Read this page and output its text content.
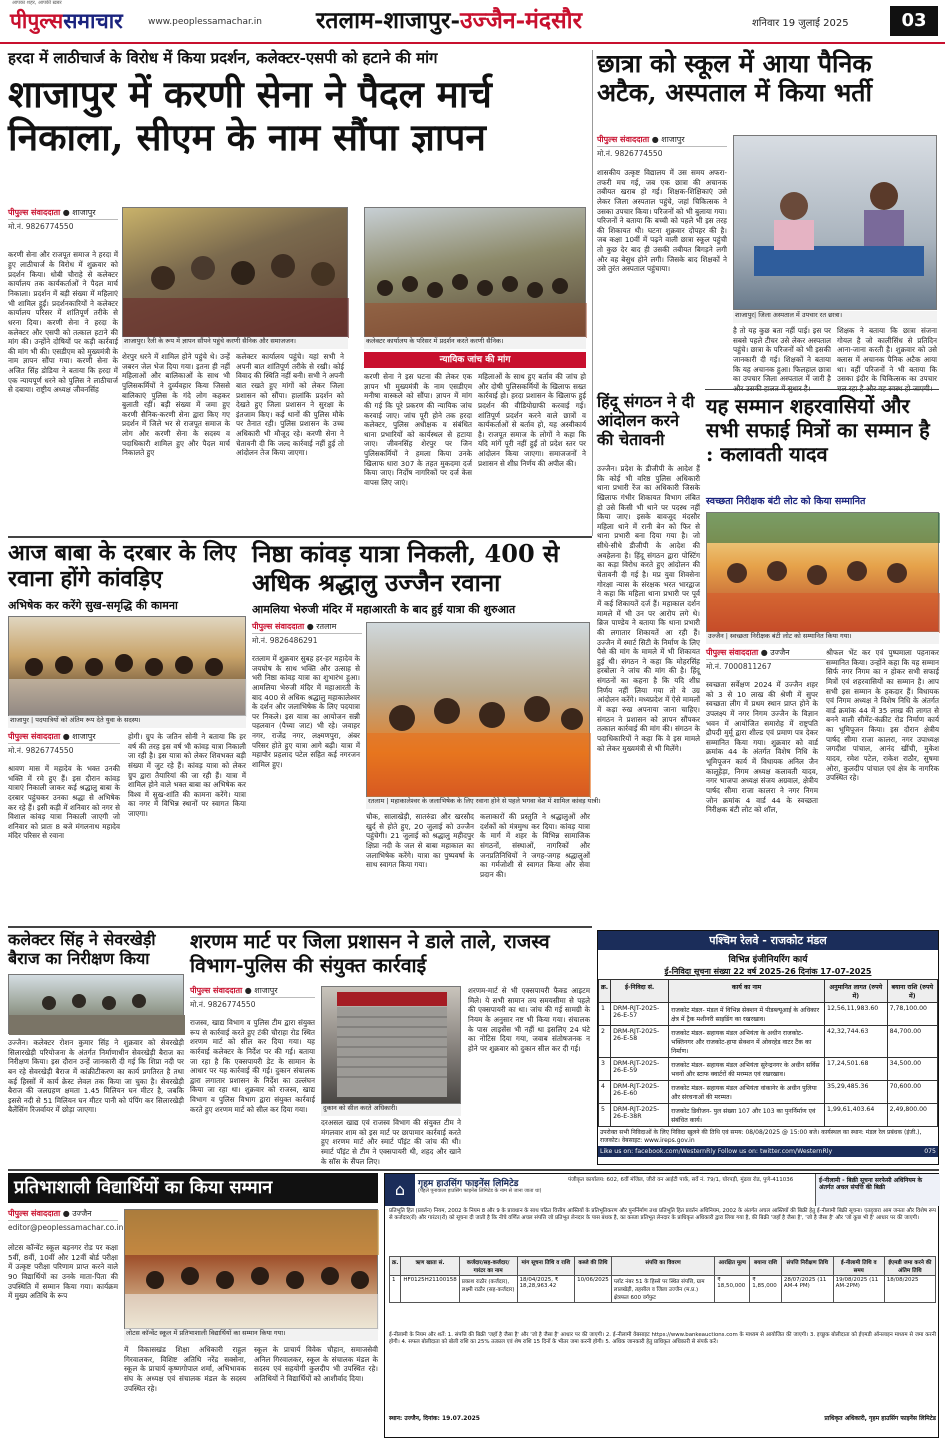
पीपुल्ससमाचार
आपका शहर, आपकी ख़बर
www.peoplessamachar.in रतलाम-शाजापुर-उज्जैन-मंदसौर	शनिवार 19 जुलाई 2025	03
हरदा में लाठीचार्ज के विरोध में किया प्रदर्शन, कलेक्टर-एसपी को हटाने की मांग
शाजापुर में करणी सेना ने पैदल मार्च निकाला, सीएम के नाम सौंपा ज्ञापन
पीपुल्स संवाददाता ● शाजापुर
मो.नं. 9826774550
करणी सेना और राजपूत समाज ने हरदा में हुए लाठीचार्ज के विरोध में शुक्रवार को प्रदर्शन किया। धोबी चौराहे से कलेक्टर कार्यालय तक कार्यकर्ताओं ने पैदल मार्च निकाला। प्रदर्शन में बड़ी संख्या में महिलाएं भी शामिल हुईं। प्रदर्शनकारियों ने कलेक्टर कार्यालय परिसर में शांतिपूर्ण तरीके से धरना दिया। करणी सेना ने हरदा के कलेक्टर और एसपी को तत्काल हटाने की मांग की। उन्होंने दोषियों पर कड़ी कार्रवाई की मांग भी की। एसडीएम को मुख्यमंत्री के नाम ज्ञापन सौंपा गया। करणी सेना के अजित सिंह डोडिया ने बताया कि हरदा में एक न्यायपूर्ण धरने को पुलिस ने लाठीचार्ज से दबाया। राष्ट्रीय अध्यक्ष जीवनसिंह
शाजापुर। रैली के रूप में ज्ञापन सौंपने पहुंचे करणी सैनिक और समाजजन।	कलेक्टर कार्यालय के परिसर में प्रदर्शन करते करणी सैनिक।
शेरपुर धरने में शामिल होने पहुंचे थे। उन्हें जबरन जेल भेज दिया गया। इतना ही नहीं महिलाओं और बालिकाओं के साथ भी पुलिसकर्मियों ने दुर्व्यवहार किया जिससे बालिकाएं पुलिस के गंदे लोग कहकर बुलाती रहीं। बड़ी संख्या में जमा हुए करणी सैनिक-करणी सेना द्वारा किए गए प्रदर्शन में जिले भर से राजपूत समाज के लोग और करणी सेना के सदस्य व पदाधिकारी शामिल हुए और पैदल मार्च निकालते हुए
कलेक्टर कार्यालय पहुंचे। यहां सभी ने अपनी बात शांतिपूर्ण तरीके से रखी। कोई विवाद की स्थिति नहीं बनी। सभी ने अपनी बात रखते हुए मांगों को लेकर जिला प्रशासन को सौंपा। हालांकि प्रदर्शन को देखते हुए जिला प्रशासन ने सुरक्षा के इंतजाम किए। कई थानों की पुलिस मौके पर तैनात रही। पुलिस प्रशासन के उच्च अधिकारी भी मौजूद रहे। करणी सेना ने चेतावनी दी कि जल्द कार्रवाई नहीं हुई तो आंदोलन तेज किया जाएगा।
न्यायिक जांच की मांग
करणी सेना ने इस घटना की लेकर एक ज्ञापन भी मुख्यमंत्री के नाम एसडीएम मनीषा वास्कले को सौंपा। ज्ञापन में मांग की गई कि पूरे प्रकरण की न्यायिक जांच करवाई जाए। जांच पूरी होने तक हरदा कलेक्टर, पुलिस अधीक्षक व संबंधित थाना प्रभारियों को कार्यस्थल से हटाया जाए। जीवनसिंह शेरपुर पर जिन पुलिसकर्मियों ने हमला किया उनके खिलाफ धारा 307 के तहत मुकदमा दर्ज किया जाए। निर्दोष नागरिकों पर दर्ज केस वापस लिए जाएं।
महिलाओं के साथ हुए बर्ताव की जांच हो और दोषी पुलिसकर्मियों के खिलाफ सख्त कार्रवाई हो। हरदा प्रशासन के खिलाफ हुई प्रदर्शन की वीडियोग्राफी करवाई गई। शांतिपूर्ण प्रदर्शन करने वाले छात्रों व कार्यकर्ताओं से बर्ताव हो, यह अस्वीकार्य है। राजपूत समाज के लोगों ने कहा कि यदि मांगें पूरी नहीं हुईं तो प्रदेश स्तर पर आंदोलन किया जाएगा। समाजजनों ने प्रशासन से शीघ्र निर्णय की अपील की।
छात्रा को स्कूल में आया पैनिक अटैक, अस्पताल में किया भर्ती
पीपुल्स संवाददाता ● शाजापुर
मो.नं. 9826774550
शासकीय उत्कृष्ट विद्यालय में उस समय अफरा-तफरी मच गई, जब एक छात्रा की अचानक तबीयत खराब हो गई। शिक्षक-शिक्षिकाएं उसे लेकर जिला अस्पताल पहुंचे, जहां चिकित्सक ने उसका उपचार किया। परिजनों को भी बुलाया गया। परिजनों ने बताया कि बच्ची को पहले भी इस तरह की शिकायत थी। घटना शुक्रवार दोपहर की है। जब कक्षा 10वीं में पढ़ने वाली छात्रा स्कूल पहुंची तो कुछ देर बाद ही उसकी तबीयत बिगड़ने लगी और वह बेसुध होने लगी। जिसके बाद शिक्षकों ने उसे तुरंत अस्पताल पहुंचाया।
शाजापुर| जिला अस्पताल में उपचार रत छात्रा।
है तो यह कुछ बता नहीं पाई। इस पर सबसे पहले टीचर उसे लेकर अस्पताल पहुंचे। छात्रा के परिजनों को भी इसकी जानकारी दी गई। शिक्षकों ने बताया कि यह अचानक हुआ। फिलहाल छात्रा का उपचार जिला अस्पताल में जारी है
शिक्षक ने बताया कि छात्रा संजना गोयल है जो कालीसिंध से प्रतिदिन आना-जाना करती है। शुक्रवार को उसे क्लास में अचानक पैनिक अटैक आया था। वहीं परिजनों ने भी बताया कि उसका इंदौर के चिकित्सक का उपचार
हिंदू संगठन ने दी आंदोलन करने की चेतावनी
उज्जैन। प्रदेश के डीजीपी के आदेश हैं कि कोई भी वरिष्ठ पुलिस अधिकारी थाना प्रभारी रेंज का अधिकारी जिसके खिलाफ गंभीर शिकायत विभाग लंबित हो उसे किसी भी थाने पर पदस्थ नहीं किया जाए। इसके बावजूद मंदसौर महिला थाने में रानी बेन को फिर से थाना प्रभारी बना दिया गया है। जो सीधे-सीधे डीजीपी के आदेश की अवहेलना है। हिंदू संगठन द्वारा पोस्टिंग का कड़ा विरोध करते हुए आंदोलन की चेतावनी दी गई है। मप्र युवा शिवसेना गोरक्षा न्यास के संरक्षक भरत भारद्वाज ने कहा कि महिला थाना प्रभारी पर पूर्व में कई शिकायतें दर्ज हैं। महाकाल दर्शन मामले में भी उन पर आरोप लगे थे। ब्रिज पाण्डेय ने बताया कि थाना प्रभारी की लगातार शिकायतें आ रही हैं। उज्जैन में स्मार्ट सिटी के निर्माण के लिए पैसे की मांग के मामले में भी शिकायत हुई थी। संगठन ने कहा कि मोहरसिंह हरबोला ने जांच की मांग की है। हिंदू संगठनों का कहना है कि यदि शीघ्र निर्णय नहीं लिया गया तो वे उग्र आंदोलन करेंगे। मध्यप्रदेश में ऐसे मामलों में कड़ा रुख अपनाया जाना चाहिए। संगठन ने प्रशासन को ज्ञापन सौंपकर तत्काल कार्रवाई की मांग की। संगठन के पदाधिकारियों ने कहा कि वे इस मामले को लेकर मुख्यमंत्री से भी मिलेंगे।
यह सम्मान शहरवासियों और सभी सफाई मित्रों का सम्मान है : कलावती यादव
स्वच्छता निरीक्षक बंटी लोट को किया सम्मानित
उज्जैन | स्वच्छता निरीक्षक बंटी लोट को सम्मानित किया गया।
पीपुल्स संवाददाता ● उज्जैन
मो.नं. 7000811267
स्वच्छता सर्वेक्षण 2024 में उज्जैन शहर को 3 से 10 लाख की श्रेणी में सुपर स्वच्छता लीग में प्रथम स्थान प्राप्त होने के उपलक्ष्य में नगर निगम उज्जैन के विज्ञान भवन में आयोजित समारोह में राष्ट्रपति द्रौपदी मुर्मू द्वारा शील्ड एवं प्रमाण पत्र देकर सम्मानित किया गया। शुक्रवार को वार्ड क्रमांक 44 के अंतर्गत विशेष निधि के भूमिपूजन कार्य में विधायक अनिल जैन कालूहेड़ा, निगम अध्यक्ष कलावती यादव, नगर भाजपा अध्यक्ष संजय अग्रवाल, क्षेत्रीय पार्षद सीमा राजा कालरा ने नगर निगम जोन क्रमांक 4 वार्ड 44 के स्वच्छता निरीक्षक बंटी लोट को शॉल,
श्रीफल भेंट कर एवं पुष्पमाला पहनाकर सम्मानित किया। उन्होंने कहा कि यह सम्मान सिर्फ नगर निगम का न होकर सभी सफाई मित्रों एवं शहरवासियों का सम्मान है। आप सभी इस सम्मान के हकदार हैं। विधायक एवं निगम अध्यक्ष ने विशेष निधि के अंतर्गत वार्ड क्रमांक 44 में 35 लाख की लागत से बनने वाली सीमेंट-कंक्रीट रोड निर्माण कार्य का भूमिपूजन किया। इस दौरान क्षेत्रीय पार्षद सीमा राजा कालरा, नगर उपाध्यक्ष जगदीश पांचाल, आनंद खींची, मुकेश यादव, रमेश पटेल, राकेश राठौर, सुषमा ओरा, कुलदीप पांचाल एवं क्षेत्र के नागरिक उपस्थित रहे।
आज बाबा के दरबार के लिए रवाना होंगे कांवड़िए
अभिषेक कर करेंगे सुख-समृद्धि की कामना
शाजापुर | पदयात्रियों को अंतिम रूप देते युवा के सदस्य।
पीपुल्स संवाददाता ● शाजापुर
मो.नं. 9826774550
श्रावण मास में महादेव के भक्त उनकी भक्ति में रमे हुए हैं। इस दौरान कांवड़ यात्राएं निकाली जाकर कई श्रद्धालु बाबा के दरबार पहुंचकर उनका श्रद्धा से अभिषेक कर रहे हैं। इसी कड़ी में शनिवार को नगर से विशाल कांवड़ यात्रा निकाली जाएगी जो शनिवार को प्रातः 8 बजे मंगलनाथ महादेव मंदिर परिसर से रवाना
होगी। ग्रुप के जतिन सोनी ने बताया कि हर वर्ष की तरह इस वर्ष भी कांवड़ यात्रा निकाली जा रही है। इस यात्रा को लेकर शिवभक्त बड़ी संख्या में जुट रहे हैं। कांवड़ यात्रा को लेकर ग्रुप द्वारा तैयारियां की जा रही हैं। यात्रा में शामिल होने वाले भक्त बाबा का अभिषेक कर विश्व में सुख-शांति की कामना करेंगे। यात्रा का नगर में विभिन्न स्थानों पर स्वागत किया जाएगा।
निष्ठा कांवड़ यात्रा निकली, 400 से अधिक श्रद्धालु उज्जैन रवाना
आमलिया भेरुजी मंदिर में महाआरती के बाद हुई यात्रा की शुरुआत
पीपुल्स संवाददाता ● रतलाम
मो.नं. 9826486291
रतलाम में शुक्रवार सुबह हर-हर महादेव के जयघोष के साथ भक्ति और उत्साह से भरी निष्ठा कांवड़ यात्रा का शुभारंभ हुआ। आमलिया भेरुजी मंदिर में महाआरती के बाद 400 से अधिक श्रद्धालु महाकालेश्वर के दर्शन और जलाभिषेक के लिए पदयात्रा पर निकले। इस यात्रा का आयोजन सन्नी पहलवान (पैच्या जाट) भी रहे। जवाहर नगर, राजेंद्र नगर, लक्ष्मणपुरा, अंबर परिसर होते हुए यात्रा आगे बढ़ी। यात्रा में महापौर प्रहलाद पटेल सहित कई नगरजन शामिल हुए।
रतलाम | महाकालेश्वर के जलाभिषेक के लिए रवाना होने से पहले भगवा वेश में शामिल कांवड़ यात्री।
चौक, सालाखेड़ी, सातरुंडा और खरसौद खुर्द से होते हुए, 20 जुलाई को उज्जैन पहुंचेगी। 21 जुलाई को श्रद्धालु महीदपुर क्षिप्रा नदी के जल से बाबा महाकाल का जलाभिषेक करेंगे। यात्रा का पुष्पवर्षा के साथ स्वागत किया गया।
कलाकारों की प्रस्तुति ने श्रद्धालुओं और दर्शकों को मंत्रमुग्ध कर दिया। कांवड़ यात्रा के मार्ग में शहर के विभिन्न सामाजिक संगठनों, संस्थाओं, नागरिकों और जनप्रतिनिधियों ने जगह-जगह श्रद्धालुओं का गर्मजोशी से स्वागत किया और सेवा प्रदान की।
कलेक्टर सिंह ने सेवरखेड़ी बैराज का निरीक्षण किया
उज्जैन। कलेक्टर रोशन कुमार सिंह ने शुक्रवार को सेवरखेड़ी सिलारखेड़ी परियोजना के अंतर्गत निर्माणाधीन सेवरखेड़ी बैराज का निरीक्षण किया। इस दौरान उन्हें जानकारी दी गई कि शिप्रा नदी पर बन रहे सेवरखेड़ी बैराज में कांक्रीटीकरण का कार्य प्रगतिरत है तथा कई हिस्सों में कार्य क्रेस्ट लेवल तक किया जा चुका है। सेवरखेड़ी बैराज की जलग्रहण क्षमता 1.45 मिलियन घन मीटर है, जबकि इससे नदी से 51 मिलियन घन मीटर पानी को पंपिंग कर सिलारखेड़ी बैलेंसिंग रिजर्वायर में छोड़ा जाएगा।
शरणम मार्ट पर जिला प्रशासन ने डाले ताले, राजस्व विभाग-पुलिस की संयुक्त कार्रवाई
पीपुल्स संवाददाता ● शाजापुर
मो.नं. 9826774550
राजस्व, खाद्य विभाग व पुलिस टीम द्वारा संयुक्त रूप से कार्रवाई करते हुए टंकी चौराहा रोड स्थित शरणम मार्ट को सील कर दिया गया। यह कार्रवाई कलेक्टर के निर्देश पर की गई। बताया जा रहा है कि एक्सपायरी डेट के सामान के आधार पर यह कार्रवाई की गई। दुकान संचालक द्वारा लगातार प्रशासन के निर्देश का उल्लंघन किया जा रहा था। शुक्रवार को राजस्व, खाद्य विभाग व पुलिस विभाग द्वारा संयुक्त कार्रवाई करते हुए शरणम मार्ट को सील कर दिया गया।	दुकान को सील करते अधिकारी।
दरअसल खाद्य एवं राजस्व विभाग की संयुक्त टीम ने मंगलवार शाम को इस मार्ट पर छापामार कार्रवाई करते हुए शरणम मार्ट और स्मार्ट पॉइंट की जांच की थी। स्मार्ट पॉइंट से टीम ने एक्सपायरी थी, शहद और खाने के सॉस के सैंपल लिए।
शरणम-मार्ट से भी एक्सपायरी फैक्ड आइटम मिले। ये सभी सामान तय समयसीमा से पहले की एक्सपायरी का था। जांच की गई सामग्री के नियम के अनुसार नष्ट भी किया गया। संचालक के पास लाइसेंस भी नहीं था इसलिए 24 घंटे का नोटिस दिया गया, जवाब संतोषजनक न होने पर शुक्रवार को दुकान सील कर दी गई।
पश्चिम रेलवे - राजकोट मंडल
विभिन्न इंजीनियरिंग कार्य
ई-निविदा सूचना संख्या 22 वर्ष 2025-26 दिनांक 17-07-2025
क्र.	ई-निविदा सं.	कार्य का नाम	अनुमानित लागत (रुपये में)	बयाना राशि (रुपये में)
1	DRM-RJT-2025-26-E-57	राजकोट मंडल- मंडल में विभिन्न सेक्शन में पीडब्ल्यूआई के अधिकार क्षेत्र में ट्रैक मशीनरी साइडिंग का रखरखाव।	12,56,11,983.60	7,78,100.00
2	DRM-RJT-2025-26-E-58	राजकोट मंडल- सहायक मंडल अभियंता के अधीन राजकोट-भक्तिनगर और राजकोट-हापा सेक्शन में ओवरहेड वाटर टैंक का निर्माण।	42,32,744.63	84,700.00
3	DRM-RJT-2025-26-E-59	राजकोट मंडल- सहायक मंडल अभियंता सुरेन्द्रनगर के अधीन सर्विस भवनों और स्टाफ क्वार्टरों की मरम्मत एवं रखरखाव।	17,24,501.68	34,500.00
4	DRM-RJT-2025-26-E-60	राजकोट मंडल- सहायक मंडल अभियंता वांकानेर के अधीन पुलिया और संरचनाओं की मरम्मत।	35,29,485.36	70,600.00
5	DRM-RJT-2025-26-E-38R	राजकोट डिवीजन- पुल संख्या 107 और 103 का पुनर्निर्माण एवं संबंधित कार्य।	1,99,61,403.64	2,49,800.00
उपरोक्त सभी निविदाओं के लिए निविदा खुलने की तिथि एवं समय: 08/08/2025 @ 15:00 बजे। कार्यस्थल का स्थान: मंडल रेल प्रबंधक (इंजी.), राजकोट। वेबसाइट: www.ireps.gov.in
Like us on: facebook.com/WesternRly Follow us on: twitter.com/WesternRly	075
प्रतिभाशाली विद्यार्थियों का किया सम्मान
पीपुल्स संवाददाता ● उज्जैन
editor@peoplessamachar.co.in
लोटस कॉन्वेंट स्कूल बड़नगर रोड पर कक्षा 5वीं, 8वीं, 10वीं और 12वीं बोर्ड परीक्षा में उत्कृष्ट परीक्षा परिणाम प्राप्त करने वाले 90 विद्यार्थियों का उनके माता-पिता की उपस्थिति में सम्मान किया गया। कार्यक्रम में मुख्य अतिथि के रूप
लोटस कॉन्वेंट स्कूल में प्रतिभाशाली विद्यार्थियों का सम्मान किया गया।
में विकासखंड शिक्षा अधिकारी राहुल गिरवालकर, विशिष्ट अतिथि नरेंद्र सक्सेना, स्कूल के प्राचार्य कृष्णगोपाल शर्मा, अभिभावक संघ के अध्यक्ष एवं संचालक मंडल के सदस्य उपस्थित रहे।
स्कूल के प्राचार्य विवेक चौहान, समाजसेवी अनिल गिरवालकर, स्कूल के संचालक मंडल के सदस्य एवं सहयोगी कुलदीप भी उपस्थित रहे। अतिथियों ने विद्यार्थियों को आशीर्वाद दिया।
⌂	गृहम हाउसिंग फाइनेंस लिमिटेड
(पहले पूनावाला हाउसिंग फाइनेंस लिमिटेड के नाम से जाना जाता था)
पंजीकृत कार्यालय: 602, 6वीं मंजिल, जीरो वन आईटी पार्क, सर्वे नं. 79/1, घोरपड़ी, मुंढवा रोड, पुणे-411036	ई-नीलामी - बिक्री सूचना सरफेसी अधिनियम के अंतर्गत अचल संपत्ति की बिक्री
प्रतिभूति हित (प्रवर्तन) नियम, 2002 के नियम 8 और 9 के प्रावधान के साथ पठित वित्तीय आस्तियों के प्रतिभूतिकरण और पुनर्निर्माण तथा प्रतिभूति हित प्रवर्तन अधिनियम, 2002 के अंतर्गत अचल आस्तियों की बिक्री हेतु ई-नीलामी बिक्री सूचना। एतद्द्वारा आम जनता और विशेष रूप से कर्जदार(रों) और गारंटर(रों) को सूचना दी जाती है कि नीचे वर्णित अचल संपत्ति जो प्रतिभूत लेनदार के पास बंधक है, का कब्जा प्रतिभूत लेनदार के प्राधिकृत अधिकारी द्वारा लिया गया है, की बिक्री 'जहाँ है जैसा है', 'जो है जैसा है' और 'जो कुछ भी है' आधार पर की जाएगी।
क्र.	ऋण खाता सं.	कर्जदार/सह-कर्जदार/गारंटर का नाम	मांग सूचना तिथि व राशि	कब्जे की तिथि	संपत्ति का विवरण	आरक्षित मूल्य	बयाना राशि	संपत्ति निरीक्षण तिथि	ई-नीलामी तिथि व समय	ईएमडी जमा करने की अंतिम तिथि
1	HF0125H21100158	प्रकाश राठौर (कर्जदार), लक्ष्मी राठौर (सह-कर्जदार)	18/04/2025, ₹ 18,28,963.42	10/06/2025	प्लॉट नंबर 51 के हिस्से पर स्थित संपत्ति, ग्राम लालखेड़ी, तहसील व जिला उज्जैन (म.प्र.) क्षेत्रफल 600 वर्गफुट	₹ 18,50,000	₹ 1,85,000	28/07/2025 (11 AM-4 PM)	19/08/2025 (11 AM-2PM)	18/08/2025
ई-नीलामी के नियम और शर्तें: 1. संपत्ति की बिक्री 'जहाँ है जैसा है' और 'जो है जैसा है' आधार पर की जाएगी। 2. ई-नीलामी वेबसाइट https://www.bankeauctions.com के माध्यम से आयोजित की जाएगी। 3. इच्छुक बोलीदाता को ईएमडी ऑनलाइन माध्यम से जमा करनी होगी। 4. सफल बोलीदाता को बोली राशि का 25% तत्काल एवं शेष राशि 15 दिनों के भीतर जमा करनी होगी। 5. अधिक जानकारी हेतु प्राधिकृत अधिकारी से संपर्क करें।
स्थान: उज्जैन, दिनांक: 19.07.2025	प्राधिकृत अधिकारी, गृहम हाउसिंग फाइनेंस लिमिटेड
